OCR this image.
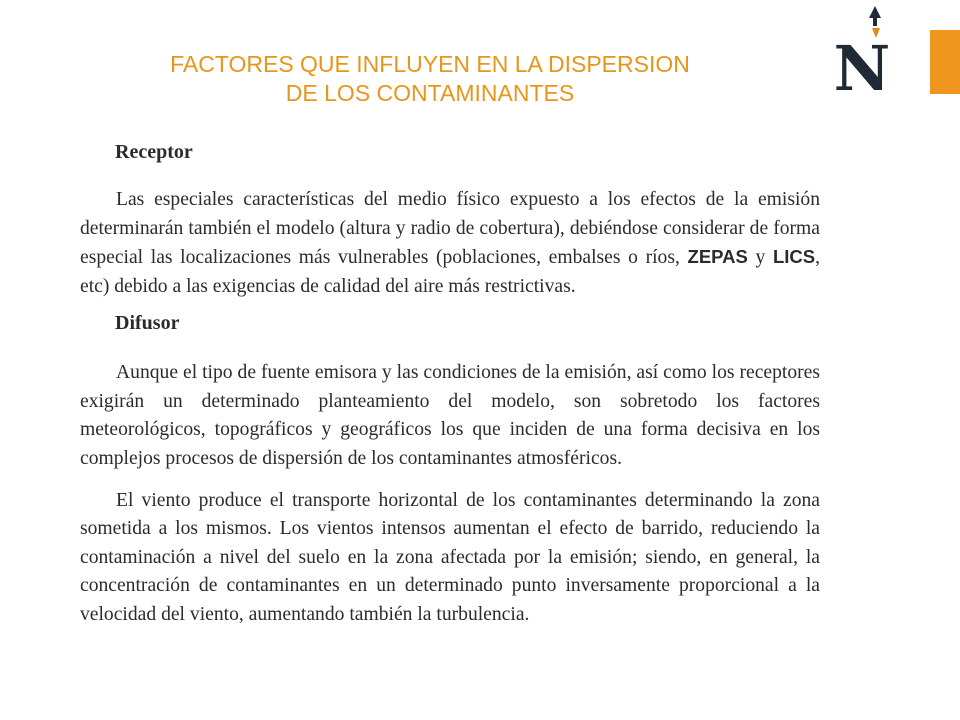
FACTORES QUE INFLUYEN EN LA DISPERSION
DE LOS CONTAMINANTES	N

Receptor

Las especiales características del medio físico expuesto a los efectos de la emisión determinarán también el modelo (altura y radio de cobertura), debiéndose considerar de forma especial las localizaciones más vulnerables (poblaciones, embalses o ríos, ZEPAS y LICS, etc) debido a las exigencias de calidad del aire más restrictivas.

Difusor

Aunque el tipo de fuente emisora y las condiciones de la emisión, así como los receptores exigirán un determinado planteamiento del modelo, son sobretodo los factores meteorológicos, topográficos y geográficos los que inciden de una forma decisiva en los complejos procesos de dispersión de los contaminantes atmosféricos.

El viento produce el transporte horizontal de los contaminantes determinando la zona sometida a los mismos. Los vientos intensos aumentan el efecto de barrido, reduciendo la contaminación a nivel del suelo en la zona afectada por la emisión; siendo, en general, la concentración de contaminantes en un determinado punto inversamente proporcional a la velocidad del viento, aumentando también la turbulencia.
